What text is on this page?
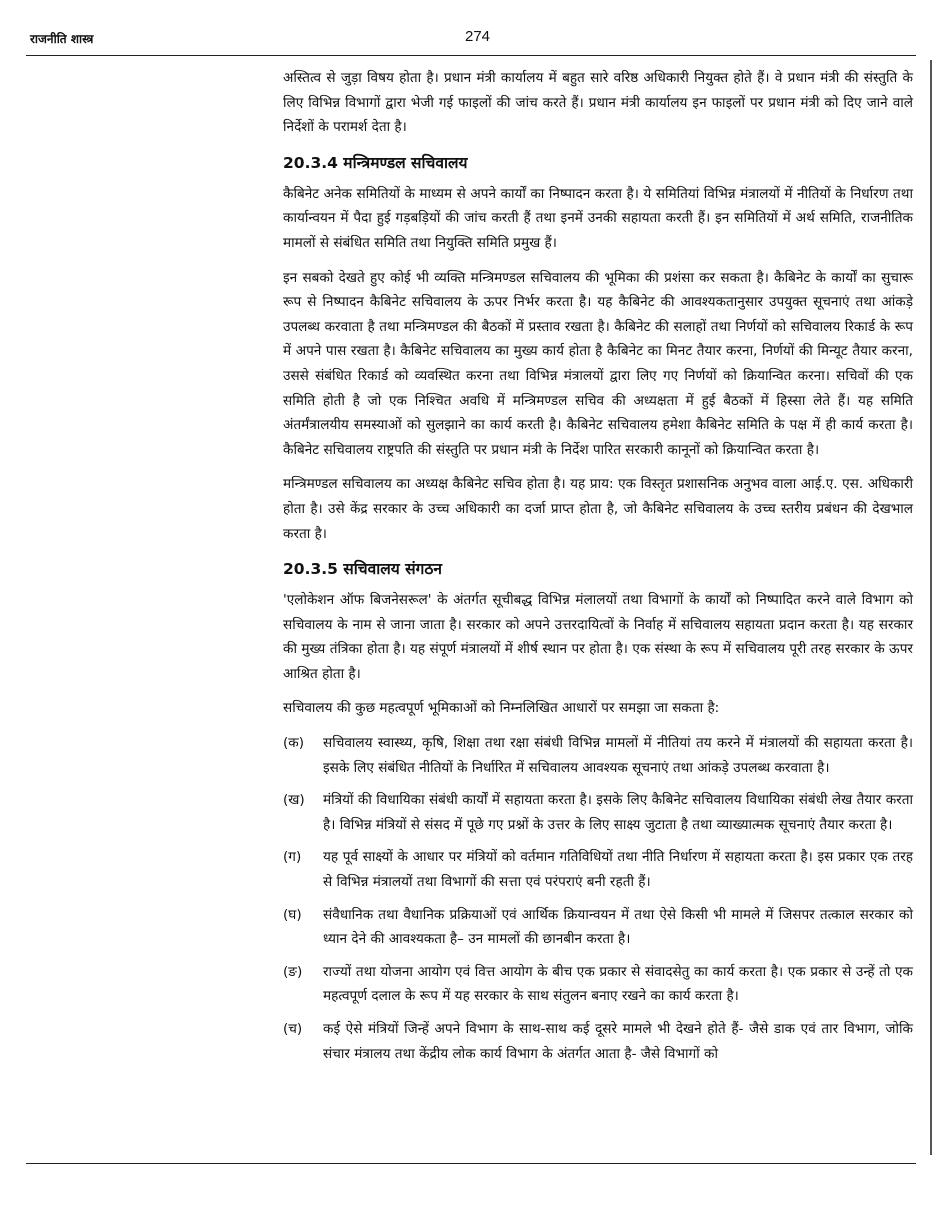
राजनीति शास्त्र	274

अस्तित्व से जुड़ा विषय होता है। प्रधान मंत्री कार्यालय में बहुत सारे वरिष्ठ अधिकारी नियुक्त होते हैं। वे प्रधान मंत्री की संस्तुति के लिए विभिन्न विभागों द्वारा भेजी गई फाइलों की जांच करते हैं। प्रधान मंत्री कार्यालय इन फाइलों पर प्रधान मंत्री को दिए जाने वाले निर्देशों के परामर्श देता है।

20.3.4 मन्त्रिमण्डल सचिवालय

कैबिनेट अनेक समितियों के माध्यम से अपने कार्यों का निष्पादन करता है। ये समितियां विभिन्न मंत्रालयों में नीतियों के निर्धारण तथा कार्यान्वयन में पैदा हुई गड़बड़ियों की जांच करती हैं तथा इनमें उनकी सहायता करती हैं। इन समितियों में अर्थ समिति, राजनीतिक मामलों से संबंधित समिति तथा नियुक्ति समिति प्रमुख हैं।

इन सबको देखते हुए कोई भी व्यक्ति मन्त्रिमण्डल सचिवालय की भूमिका की प्रशंसा कर सकता है। कैबिनेट के कार्यों का सुचारू रूप से निष्पादन कैबिनेट सचिवालय के ऊपर निर्भर करता है। यह कैबिनेट की आवश्यकतानुसार उपयुक्त सूचनाएं तथा आंकड़े उपलब्ध करवाता है तथा मन्त्रिमण्डल की बैठकों में प्रस्ताव रखता है। कैबिनेट की सलाहों तथा निर्णयों को सचिवालय रिकार्ड के रूप में अपने पास रखता है। कैबिनेट सचिवालय का मुख्य कार्य होता है कैबिनेट का मिनट तैयार करना, निर्णयों की मिन्यूट तैयार करना, उससे संबंधित रिकार्ड को व्यवस्थित करना तथा विभिन्न मंत्रालयों द्वारा लिए गए निर्णयों को क्रियान्वित करना। सचिवों की एक समिति होती है जो एक निश्चित अवधि में मन्त्रिमण्डल सचिव की अध्यक्षता में हुई बैठकों में हिस्सा लेते हैं। यह समिति अंतर्मंत्रालयीय समस्याओं को सुलझाने का कार्य करती है। कैबिनेट सचिवालय हमेशा कैबिनेट समिति के पक्ष में ही कार्य करता है। कैबिनेट सचिवालय राष्ट्रपति की संस्तुति पर प्रधान मंत्री के निर्देश पारित सरकारी कानूनों को क्रियान्वित करता है।

मन्त्रिमण्डल सचिवालय का अध्यक्ष कैबिनेट सचिव होता है। यह प्राय: एक विस्तृत प्रशासनिक अनुभव वाला आई.ए. एस. अधिकारी होता है। उसे केंद्र सरकार के उच्च अधिकारी का दर्जा प्राप्त होता है, जो कैबिनेट सचिवालय के उच्च स्तरीय प्रबंधन की देखभाल करता है।

20.3.5 सचिवालय संगठन

'एलोकेशन ऑफ बिजनेसरूल' के अंतर्गत सूचीबद्ध विभिन्न मंलालयों तथा विभागों के कार्यों को निष्पादित करने वाले विभाग को सचिवालय के नाम से जाना जाता है। सरकार को अपने उत्तरदायित्वों के निर्वाह में सचिवालय सहायता प्रदान करता है। यह सरकार की मुख्य तंत्रिका होता है। यह संपूर्ण मंत्रालयों में शीर्ष स्थान पर होता है। एक संस्था के रूप में सचिवालय पूरी तरह सरकार के ऊपर आश्रित होता है।

सचिवालय की कुछ महत्वपूर्ण भूमिकाओं को निम्नलिखित आधारों पर समझा जा सकता है:

(क)	सचिवालय स्वास्थ्य, कृषि, शिक्षा तथा रक्षा संबंधी विभिन्न मामलों में नीतियां तय करने में मंत्रालयों की सहायता करता है। इसके लिए संबंधित नीतियों के निर्धारित में सचिवालय आवश्यक सूचनाएं तथा आंकड़े उपलब्ध करवाता है।
(ख)	मंत्रियों की विधायिका संबंधी कार्यों में सहायता करता है। इसके लिए कैबिनेट सचिवालय विधायिका संबंधी लेख तैयार करता है। विभिन्न मंत्रियों से संसद में पूछे गए प्रश्नों के उत्तर के लिए साक्ष्य जुटाता है तथा व्याख्यात्मक सूचनाएं तैयार करता है।
(ग)	यह पूर्व साक्ष्यों के आधार पर मंत्रियों को वर्तमान गतिविधियों तथा नीति निर्धारण में सहायता करता है। इस प्रकार एक तरह से विभिन्न मंत्रालयों तथा विभागों की सत्ता एवं परंपराएं बनी रहती हैं।
(घ)	संवैधानिक तथा वैधानिक प्रक्रियाओं एवं आर्थिक क्रियान्वयन में तथा ऐसे किसी भी मामले में जिसपर तत्काल सरकार को ध्यान देने की आवश्यकता है– उन मामलों की छानबीन करता है।
(ङ)	राज्यों तथा योजना आयोग एवं वित्त आयोग के बीच एक प्रकार से संवादसेतु का कार्य करता है। एक प्रकार से उन्हें तो एक महत्वपूर्ण दलाल के रूप में यह सरकार के साथ संतुलन बनाए रखने का कार्य करता है।
(च)	कई ऐसे मंत्रियों जिन्हें अपने विभाग के साथ-साथ कई दूसरे मामले भी देखने होते हैं- जैसे डाक एवं तार विभाग, जोकि संचार मंत्रालय तथा केंद्रीय लोक कार्य विभाग के अंतर्गत आता है- जैसे विभागों को
